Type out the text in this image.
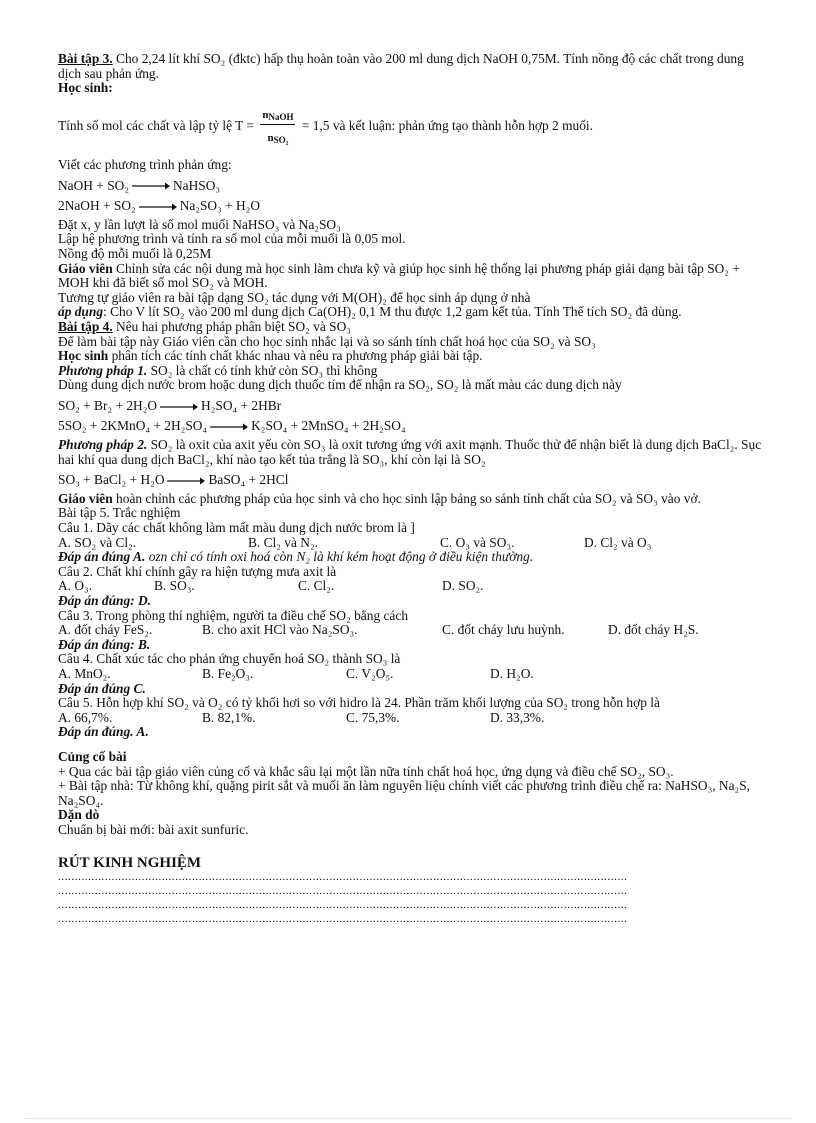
Bài tập 3. Cho 2,24 lít khí SO₂ (đktc) hấp thụ hoàn toàn vào 200 ml dung dịch NaOH 0,75M. Tính nồng độ các chất trong dung dịch sau phản ứng.

Học sinh:

Tính số mol các chất và lập tỷ lệ $T = \frac{n_{NaOH}}{n_{SO_2}} = 1,5$ và kết luận: phản ứng tạo thành hỗn hợp 2 muối.

Viết các phương trình phản ứng:

NaOH + SO₂ → NaHSO₃

2NaOH + SO₂ → Na₂SO₃ + H₂O

Đặt x, y lần lượt là số mol muối NaHSO₃ và Na₂SO₃

Lập hệ phương trình và tính ra số mol của mỗi muối là 0,05 mol.

Nồng độ mỗi muối là 0,25M

Giáo viên Chỉnh sửa các nội dung mà học sinh làm chưa kỹ và giúp học sinh hệ thống lại phương pháp giải dạng bài tập SO₂ + MOH khi đã biết số mol SO₂ và MOH.

Tương tự giáo viên ra bài tập dạng SO₂ tác dụng với M(OH)₂ để học sinh áp dụng ở nhà

áp dụng: Cho V lít SO₂ vào 200 ml dung dịch Ca(OH)₂ 0,1 M thu được 1,2 gam kết tủa. Tính Thể tích SO₂ đã dùng.

Bài tập 4. Nêu hai phương pháp phân biệt SO₂ và SO₃

Để làm bài tập này Giáo viên cần cho học sinh nhắc lại và so sánh tính chất hoá học của SO₂ và SO₃

Học sinh phân tích các tính chất khác nhau và nêu ra phương pháp giải bài tập.

Phương pháp 1. SO₂ là chất có tính khử còn SO₃ thì không

Dùng dung dịch nước brom hoặc dung dịch thuốc tím để nhận ra SO₂, SO₂ là mất màu các dung dịch này

SO₂ + Br₂ + 2H₂O → H₂SO₄ + 2HBr

5SO₂ + 2KMnO₄ + 2H₂SO₄ → K₂SO₄ + 2MnSO₄ + 2H₂SO₄

Phương pháp 2. SO₂ là oxit của axit yếu còn SO₃ là oxit tương ứng với axit mạnh. Thuốc thử để nhận biết là dung dịch BaCl₂. Sục hai khí qua dung dịch BaCl₂, khí nào tạo kết tủa trắng là SO₃, khí còn lại là SO₂

SO₃ + BaCl₂ + H₂O → BaSO₄ + 2HCl

Giáo viên hoàn chỉnh các phương pháp của học sinh và cho học sinh lập bảng so sánh tính chất của SO₂ và SO₃ vào vở.

Bài tập 5. Trắc nghiệm

Câu 1. Dãy các chất không làm mất màu dung dịch nước brom là ]

A. SO₂ và Cl₂.	B. Cl₂ và N₂.	C. O₃ và SO₃.	D. Cl₂ và O₃

Đáp án đúng A. ozn chỉ có tính oxi hoá còn N₂ là khí kém hoạt động ở điều kiện thường.

Câu 2. Chất khí chính gây ra hiện tượng mưa axit là

A. O₃.	B. SO₃.	C. Cl₂.	D. SO₂.

Đáp án đúng: D.

Câu 3. Trong phòng thí nghiệm, người ta điều chế SO₂ bằng cách

A. đốt cháy FeS₂.	B. cho axit HCl vào Na₂SO₃.	C. đốt cháy lưu huỳnh.	D. đốt cháy H₂S.

Đáp án đúng: B.

Câu 4. Chất xúc tác cho phản ứng chuyển hoá SO₂ thành SO₃ là

A. MnO₂.	B. Fe₂O₃.	C. V₂O₅.	D. H₂O.

Đáp án đúng C.

Câu 5. Hỗn hợp khí SO₂ và O₂ có tỷ khối hơi so với hidro là 24. Phần trăm khối lượng của SO₂ trong hỗn hợp là

A. 66,7%.	B. 82,1%.	C. 75,3%.	D. 33,3%.

Đáp án đúng. A.

Củng cố bài

+ Qua các bài tập giáo viên củng cố và khắc sâu lại một lần nữa tính chất hoá học, ứng dụng và điều chế SO₂, SO₃.

+ Bài tập nhà: Từ không khí, quặng pirit sắt và muối ăn làm nguyên liệu chính viết các phương trình điều chế ra: NaHSO₃, Na₂S, Na₂SO₄.

Dặn dò

Chuẩn bị bài mới: bài axit sunfuric.

RÚT KINH NGHIỆM

..........................................................................................................................................................................
..........................................................................................................................................................................
..........................................................................................................................................................................
..........................................................................................................................................................................
